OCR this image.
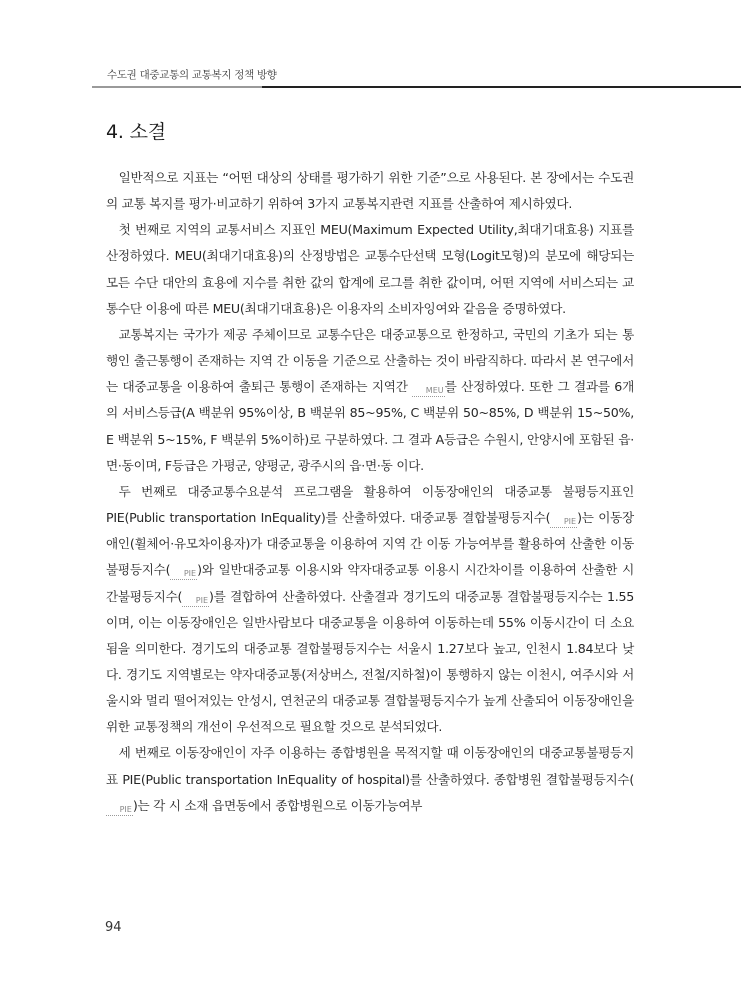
수도권 대중교통의 교통복지 정책 방향
4. 소결

일반적으로 지표는 “어떤 대상의 상태를 평가하기 위한 기준”으로 사용된다. 본 장에서는 수도권의 교통 복지를 평가·비교하기 위하여 3가지 교통복지관련 지표를 산출하여 제시하였다.

첫 번째로 지역의 교통서비스 지표인 MEU(Maximum Expected Utility,최대기대효용) 지표를 산정하였다. MEU(최대기대효용)의 산정방법은 교통수단선택 모형(Logit모형)의 분모에 해당되는 모든 수단 대안의 효용에 지수를 취한 값의 합계에 로그를 취한 값이며, 어떤 지역에 서비스되는 교통수단 이용에 따른 MEU(최대기대효용)은 이용자의 소비자잉여와 같음을 증명하였다.

교통복지는 국가가 제공 주체이므로 교통수단은 대중교통으로 한정하고, 국민의 기초가 되는 통행인 출근통행이 존재하는 지역 간 이동을 기준으로 산출하는 것이 바람직하다. 따라서 본 연구에서는 대중교통을 이용하여 출퇴근 통행이 존재하는 지역간 MEU를 산정하였다. 또한 그 결과를 6개의 서비스등급(A 백분위 95%이상, B 백분위 85~95%, C 백분위 50~85%, D 백분위 15~50%, E 백분위 5~15%, F 백분위 5%이하)로 구분하였다. 그 결과 A등급은 수원시, 안양시에 포함된 읍·면·동이며, F등급은 가평군, 양평군, 광주시의 읍·면·동 이다.

두 번째로 대중교통수요분석 프로그램을 활용하여 이동장애인의 대중교통 불평등지표인 PIE(Public transportation InEquality)를 산출하였다. 대중교통 결합불평등지수( PIE)는 이동장애인(휠체어·유모차이용자)가 대중교통을 이용하여 지역 간 이동 가능여부를 활용하여 산출한 이동불평등지수( PIE)와 일반대중교통 이용시와 약자대중교통 이용시 시간차이를 이용하여 산출한 시간불평등지수( PIE)를 결합하여 산출하였다. 산출결과 경기도의 대중교통 결합불평등지수는 1.55이며, 이는 이동장애인은 일반사람보다 대중교통을 이용하여 이동하는데 55% 이동시간이 더 소요됨을 의미한다. 경기도의 대중교통 결합불평등지수는 서울시 1.27보다 높고, 인천시 1.84보다 낮다. 경기도 지역별로는 약자대중교통(저상버스, 전철/지하철)이 통행하지 않는 이천시, 여주시와 서울시와 멀리 떨어져있는 안성시, 연천군의 대중교통 결합불평등지수가 높게 산출되어 이동장애인을 위한 교통정책의 개선이 우선적으로 필요할 것으로 분석되었다.

세 번째로 이동장애인이 자주 이용하는 종합병원을 목적지할 때 이동장애인의 대중교통불평등지표 PIE(Public transportation InEquality of hospital)를 산출하였다. 종합병원 결합불평등지수(PIE)는 각 시 소재 읍면동에서 종합병원으로 이동가능여부

94
